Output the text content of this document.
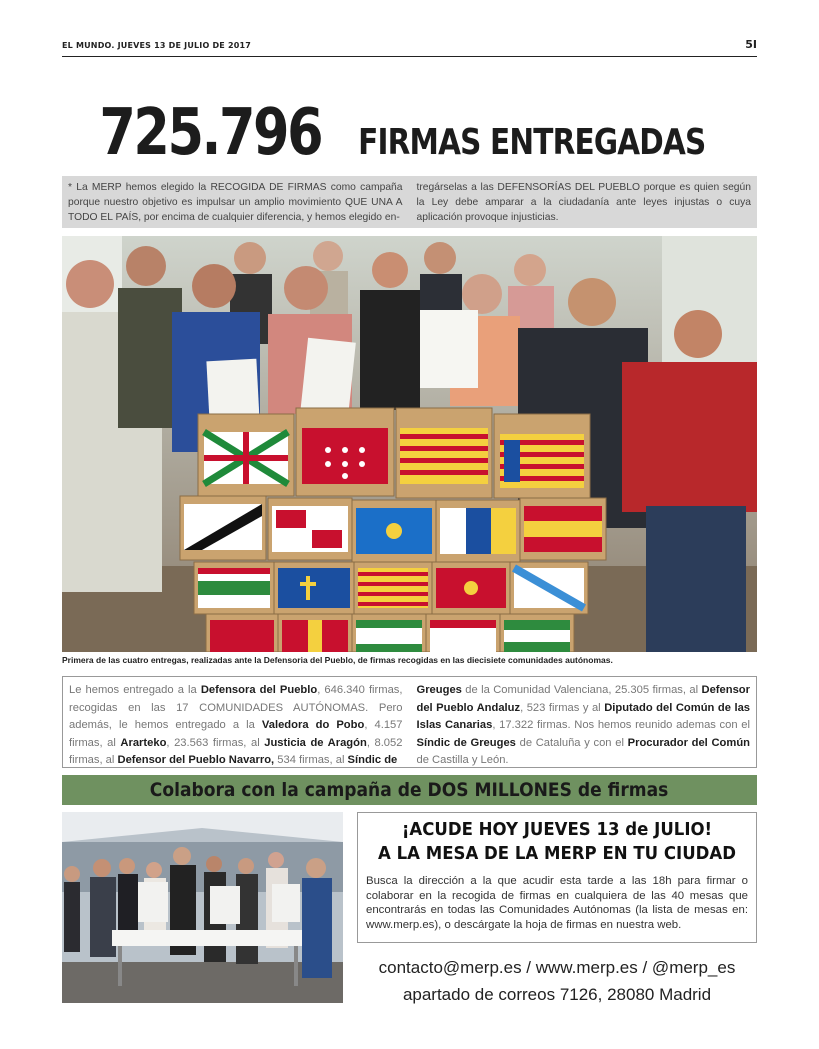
EL MUNDO. JUEVES 13 DE JULIO DE 2017	5I
725.796 FIRMAS ENTREGADAS

* La MERP hemos elegido la RECOGIDA DE FIRMAS como campaña porque nuestro objetivo es impulsar un amplio movimiento QUE UNA A TODO EL PAÍS, por encima de cualquier diferencia, y hemos elegido en-

tregárselas a las DEFENSORÍAS DEL PUEBLO porque es quien según la Ley debe amparar a la ciudadanía ante leyes injustas o cuya aplicación provoque injusticias.

Primera de las cuatro entregas, realizadas ante la Defensoria del Pueblo, de firmas recogidas en las diecisiete comunidades autónomas.

Le hemos entregado a la Defensora del Pueblo, 646.340 firmas, recogidas en las 17 COMUNIDADES AUTÓNOMAS. Pero además, le hemos entregado a la Valedora do Pobo, 4.157 firmas, al Arartеko, 23.563 firmas, al Justicia de Aragón, 8.052 firmas, al Defensor del Pueblo Navarro, 534 firmas, al Síndic de

Greuges de la Comunidad Valenciana, 25.305 firmas, al Defensor del Pueblo Andaluz, 523 firmas y al Diputado del Común de las Islas Canarias, 17.322 firmas. Nos hemos reunido ademas con el Síndic de Greuges de Cataluña y con el Procurador del Común de Castilla y León.

Colabora con la campaña de DOS MILLONES de firmas
¡ACUDE HOY JUEVES 13 de JULIO!
A LA MESA DE LA MERP EN TU CIUDAD
Busca la dirección a la que acudir esta tarde a las 18h para firmar o colaborar en la recogida de firmas en cualquiera de las 40 mesas que encontrarás en todas las Comunidades Autónomas (la lista de mesas en: www.merp.es), o descárgate la hoja de firmas en nuestra web.
contacto@merp.es / www.merp.es / @merp_es
apartado de correos 7126, 28080 Madrid
